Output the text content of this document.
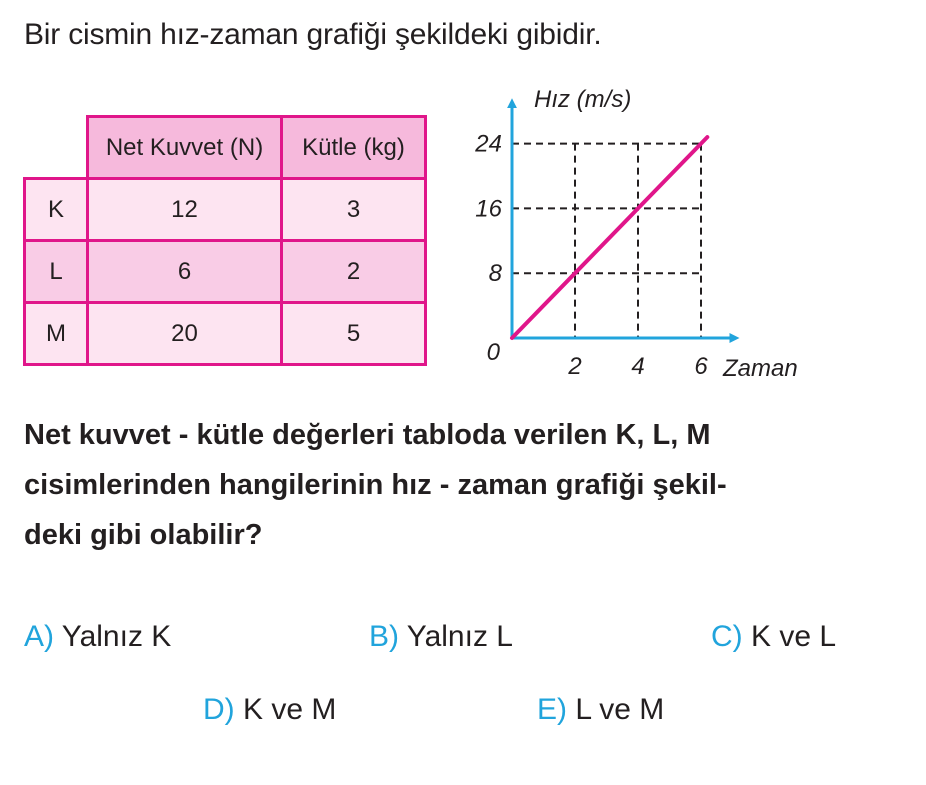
Bir cismin hız-zaman grafiği şekildeki gibidir.
	Net Kuvvet (N)	Kütle (kg)
K	12	3
L	6	2
M	20	5
8
16
24
2 4 6
Hız (m/s)
Zaman
0
Net kuvvet - kütle değerleri tabloda verilen K, L, M
cisimlerinden hangilerinin hız - zaman grafiği şekil-
deki gibi olabilir?
A) Yalnız K	B) Yalnız L	C) K ve L
D) K ve M	E) L ve M
